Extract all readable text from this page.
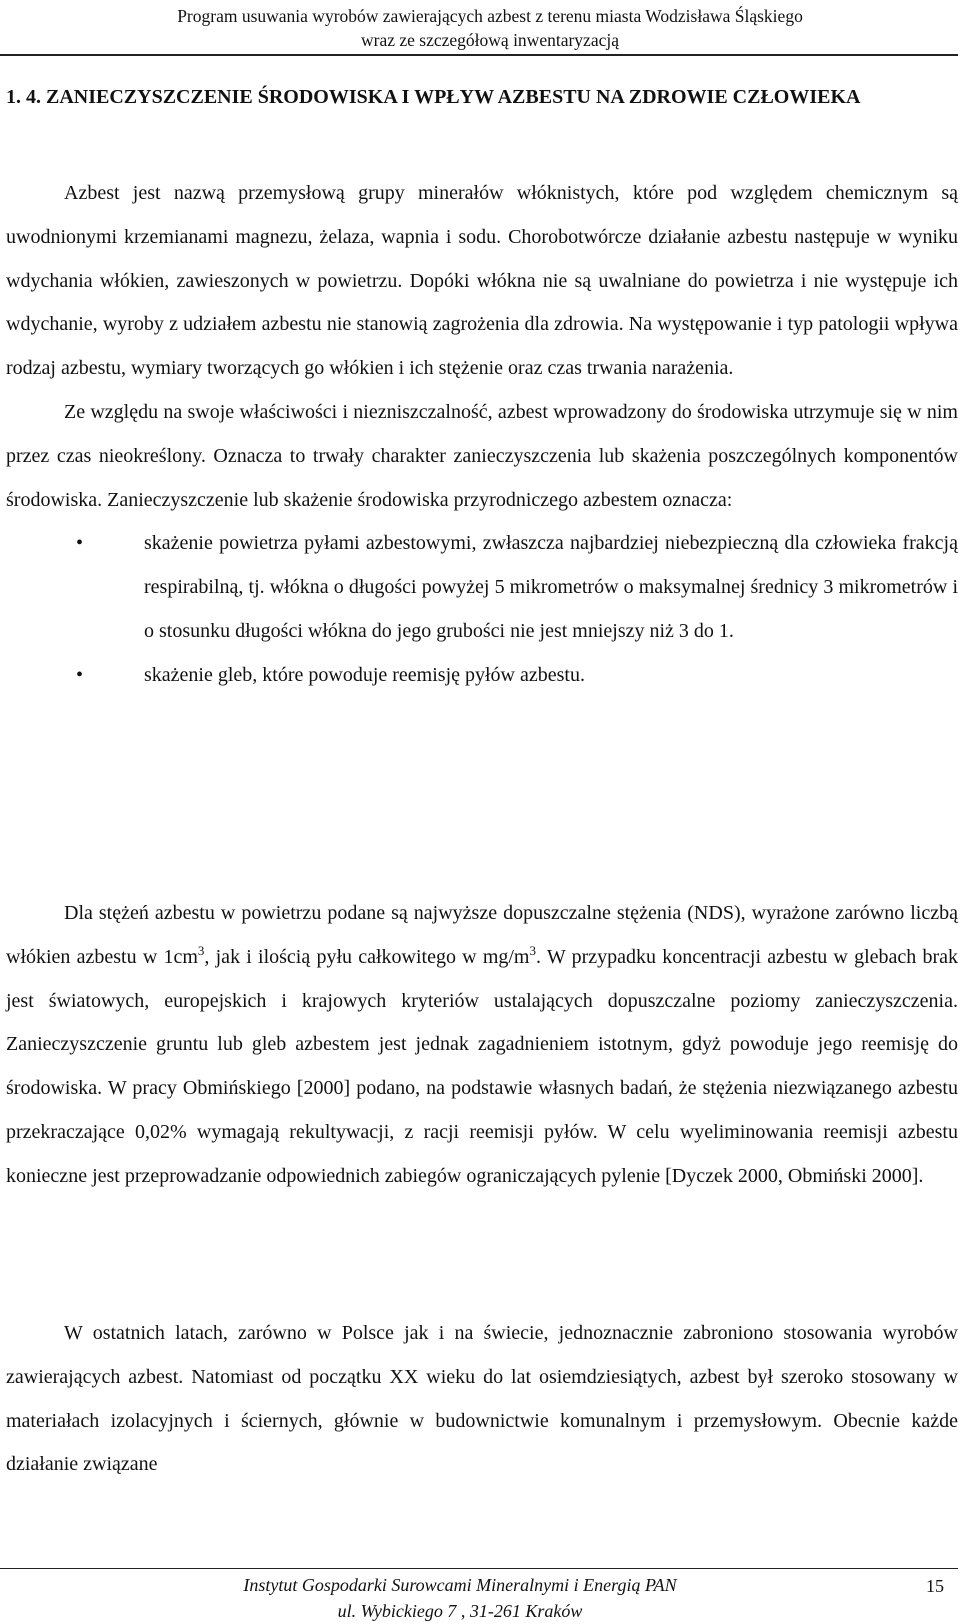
Program usuwania wyrobów zawierających azbest z terenu miasta Wodzisława Śląskiego
wraz ze szczegółową inwentaryzacją
1. 4. ZANIECZYSZCZENIE ŚRODOWISKA I WPŁYW AZBESTU NA ZDROWIE CZŁOWIEKA

Azbest jest nazwą przemysłową grupy minerałów włóknistych, które pod względem chemicznym są uwodnionymi krzemianami magnezu, żelaza, wapnia i sodu. Chorobotwórcze działanie azbestu następuje w wyniku wdychania włókien, zawieszonych w powietrzu. Dopóki włókna nie są uwalniane do powietrza i nie występuje ich wdychanie, wyroby z udziałem azbestu nie stanowią zagrożenia dla zdrowia. Na występowanie i typ patologii wpływa rodzaj azbestu, wymiary tworzących go włókien i ich stężenie oraz czas trwania narażenia.

Ze względu na swoje właściwości i niezniszczalność, azbest wprowadzony do środowiska utrzymuje się w nim przez czas nieokreślony. Oznacza to trwały charakter zanieczyszczenia lub skażenia poszczególnych komponentów środowiska. Zanieczyszczenie lub skażenie środowiska przyrodniczego azbestem oznacza:

•	skażenie powietrza pyłami azbestowymi, zwłaszcza najbardziej niebezpieczną dla człowieka frakcją respirabilną, tj. włókna o długości powyżej 5 mikrometrów o maksymalnej średnicy 3 mikrometrów i o stosunku długości włókna do jego grubości nie jest mniejszy niż 3 do 1.
•	skażenie gleb, które powoduje reemisję pyłów azbestu.

Dla stężeń azbestu w powietrzu podane są najwyższe dopuszczalne stężenia (NDS), wyrażone zarówno liczbą włókien azbestu w $1cm^3$, jak i ilością pyłu całkowitego w $mg/m^3$. W przypadku koncentracji azbestu w glebach brak jest światowych, europejskich i krajowych kryteriów ustalających dopuszczalne poziomy zanieczyszczenia. Zanieczyszczenie gruntu lub gleb azbestem jest jednak zagadnieniem istotnym, gdyż powoduje jego reemisję do środowiska. W pracy Obmińskiego [2000] podano, na podstawie własnych badań, że stężenia niezwiązanego azbestu przekraczające 0,02% wymagają rekultywacji, z racji reemisji pyłów. W celu wyeliminowania reemisji azbestu konieczne jest przeprowadzanie odpowiednich zabiegów ograniczających pylenie [Dyczek 2000, Obmiński 2000].

W ostatnich latach, zarówno w Polsce jak i na świecie, jednoznacznie zabroniono stosowania wyrobów zawierających azbest. Natomiast od początku XX wieku do lat osiemdziesiątych, azbest był szeroko stosowany w materiałach izolacyjnych i ściernych, głównie w budownictwie komunalnym i przemysłowym. Obecnie każde działanie związane

Instytut Gospodarki Surowcami Mineralnymi i Energią PAN
ul. Wybickiego 7 , 31-261 Kraków
15
